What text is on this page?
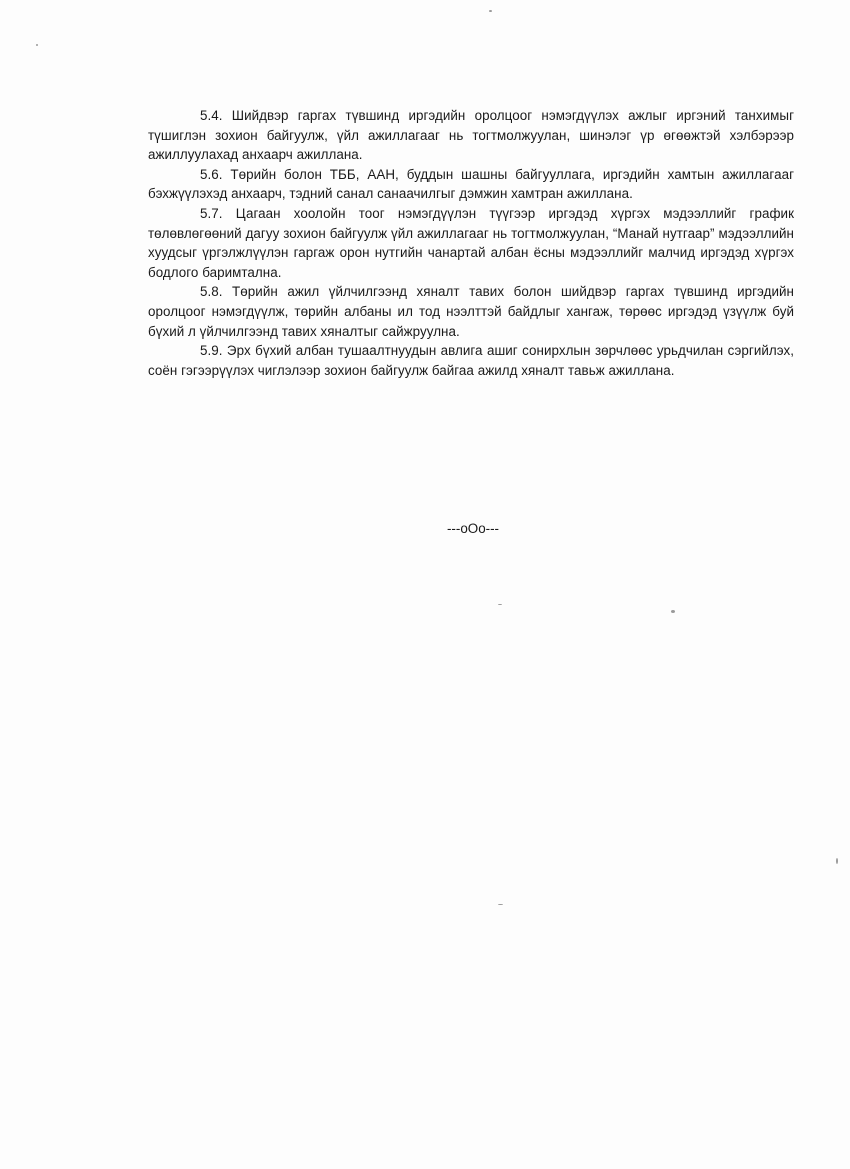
5.4. Шийдвэр гаргах түвшинд иргэдийн оролцоог нэмэгдүүлэх ажлыг иргэний танхимыг түшиглэн зохион байгуулж, үйл ажиллагааг нь тогтмолжуулан, шинэлэг үр өгөөжтэй хэлбэрээр ажиллуулахад анхаарч ажиллана.

5.6. Төрийн болон ТББ, ААН, буддын шашны байгууллага, иргэдийн хамтын ажиллагааг бэхжүүлэхэд анхаарч, тэдний санал санаачилгыг дэмжин хамтран ажиллана.

5.7. Цагаан хоолойн тоог нэмэгдүүлэн түүгээр иргэдэд хүргэх мэдээллийг график төлөвлөгөөний дагуу зохион байгуулж үйл ажиллагааг нь тогтмолжуулан, “Манай нутгаар” мэдээллийн хуудсыг үргэлжлүүлэн гаргаж орон нутгийн чанартай албан ёсны мэдээллийг малчид иргэдэд хүргэх бодлого баримтална.

5.8. Төрийн ажил үйлчилгээнд хяналт тавих болон шийдвэр гаргах түвшинд иргэдийн оролцоог нэмэгдүүлж, төрийн албаны ил тод нээлттэй байдлыг хангаж, төрөөс иргэдэд үзүүлж буй бүхий л үйлчилгээнд тавих хяналтыг сайжруулна.

5.9. Эрх бүхий албан тушаалтнуудын авлига ашиг сонирхлын зөрчлөөс урьдчилан сэргийлэх, соён гэгээрүүлэх чиглэлээр зохион байгуулж байгаа ажилд хяналт тавьж ажиллана.

---oOo---
